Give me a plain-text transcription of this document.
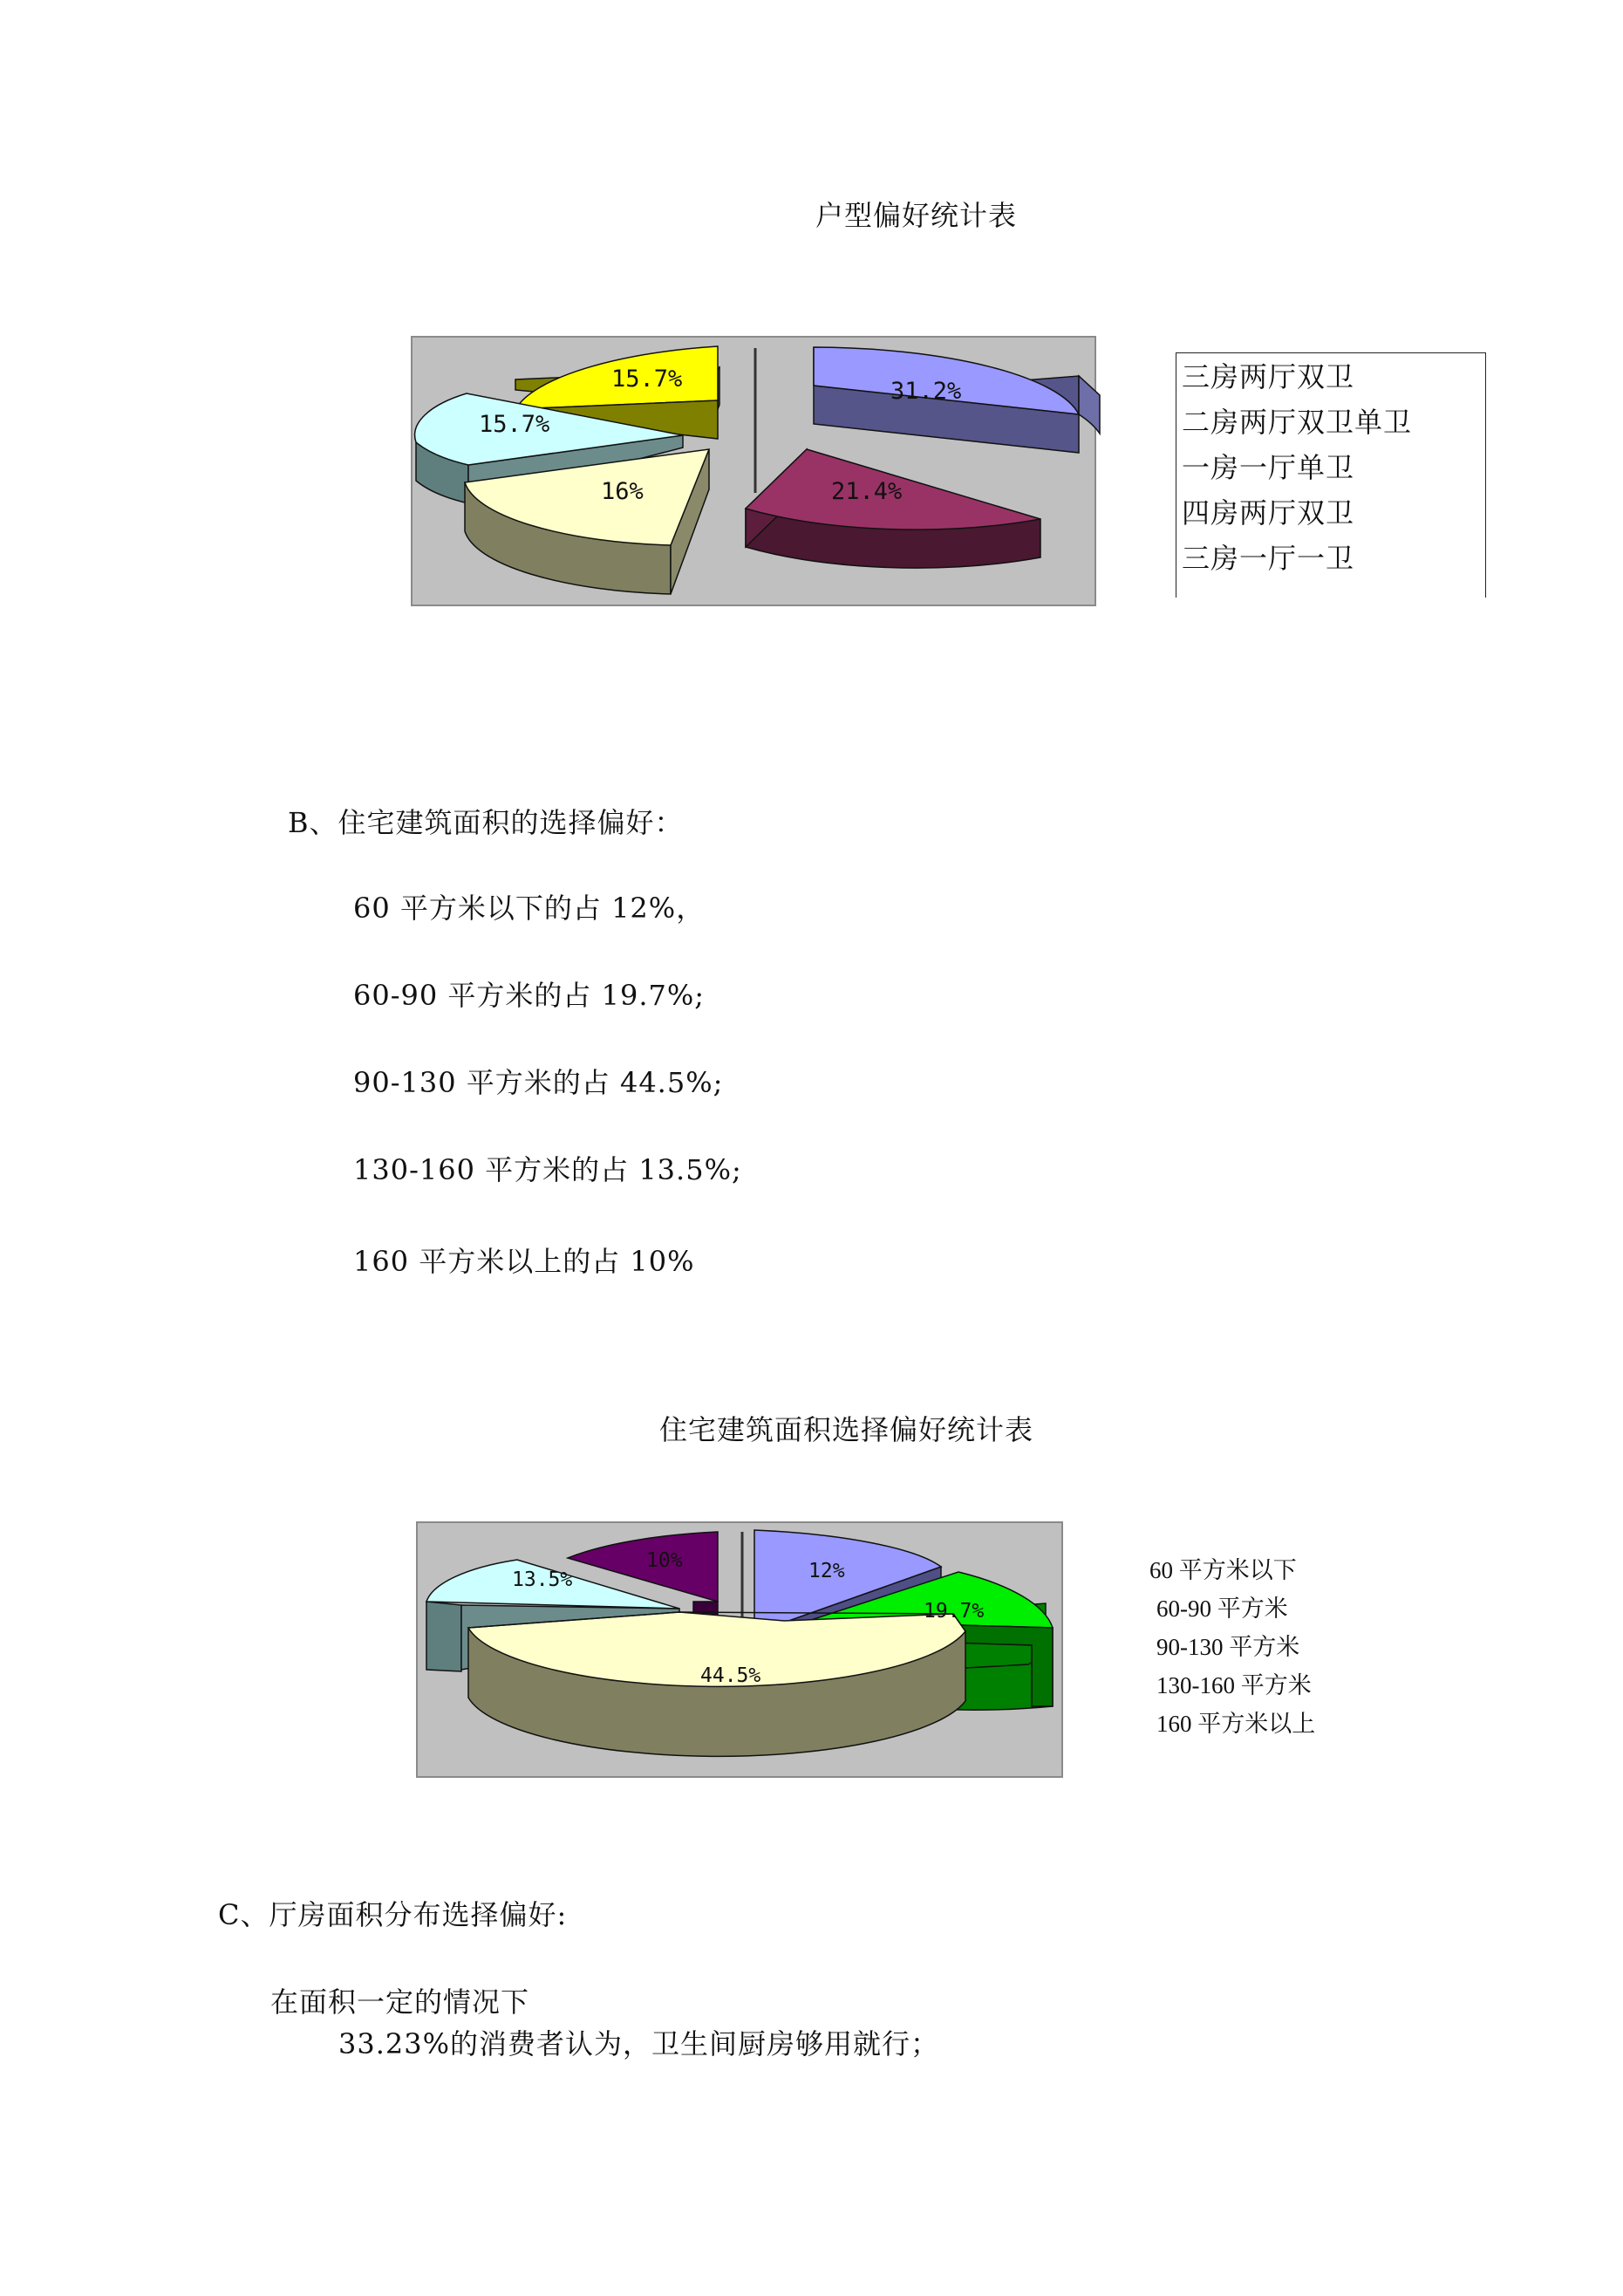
户型偏好统计表
31.2%
21.4%
16%
15.7%
15.7%	三房两厅双卫
二房两厅双卫单卫
一房一厅单卫
四房两厅双卫
三房一厅一卫
B、住宅建筑面积的选择偏好：
60 平方米以下的占 12%，
60-90 平方米的占 19.7%;
90-130 平方米的占 44.5%;
130-160 平方米的占 13.5%;
160 平方米以上的占 10%
住宅建筑面积选择偏好统计表
12%
19.7%
44.5%
13.5%
10%	60 平方米以下
60-90 平方米
90-130 平方米
130-160 平方米
160 平方米以上
C、厅房面积分布选择偏好:
在面积一定的情况下
33.23%的消费者认为，卫生间厨房够用就行；
